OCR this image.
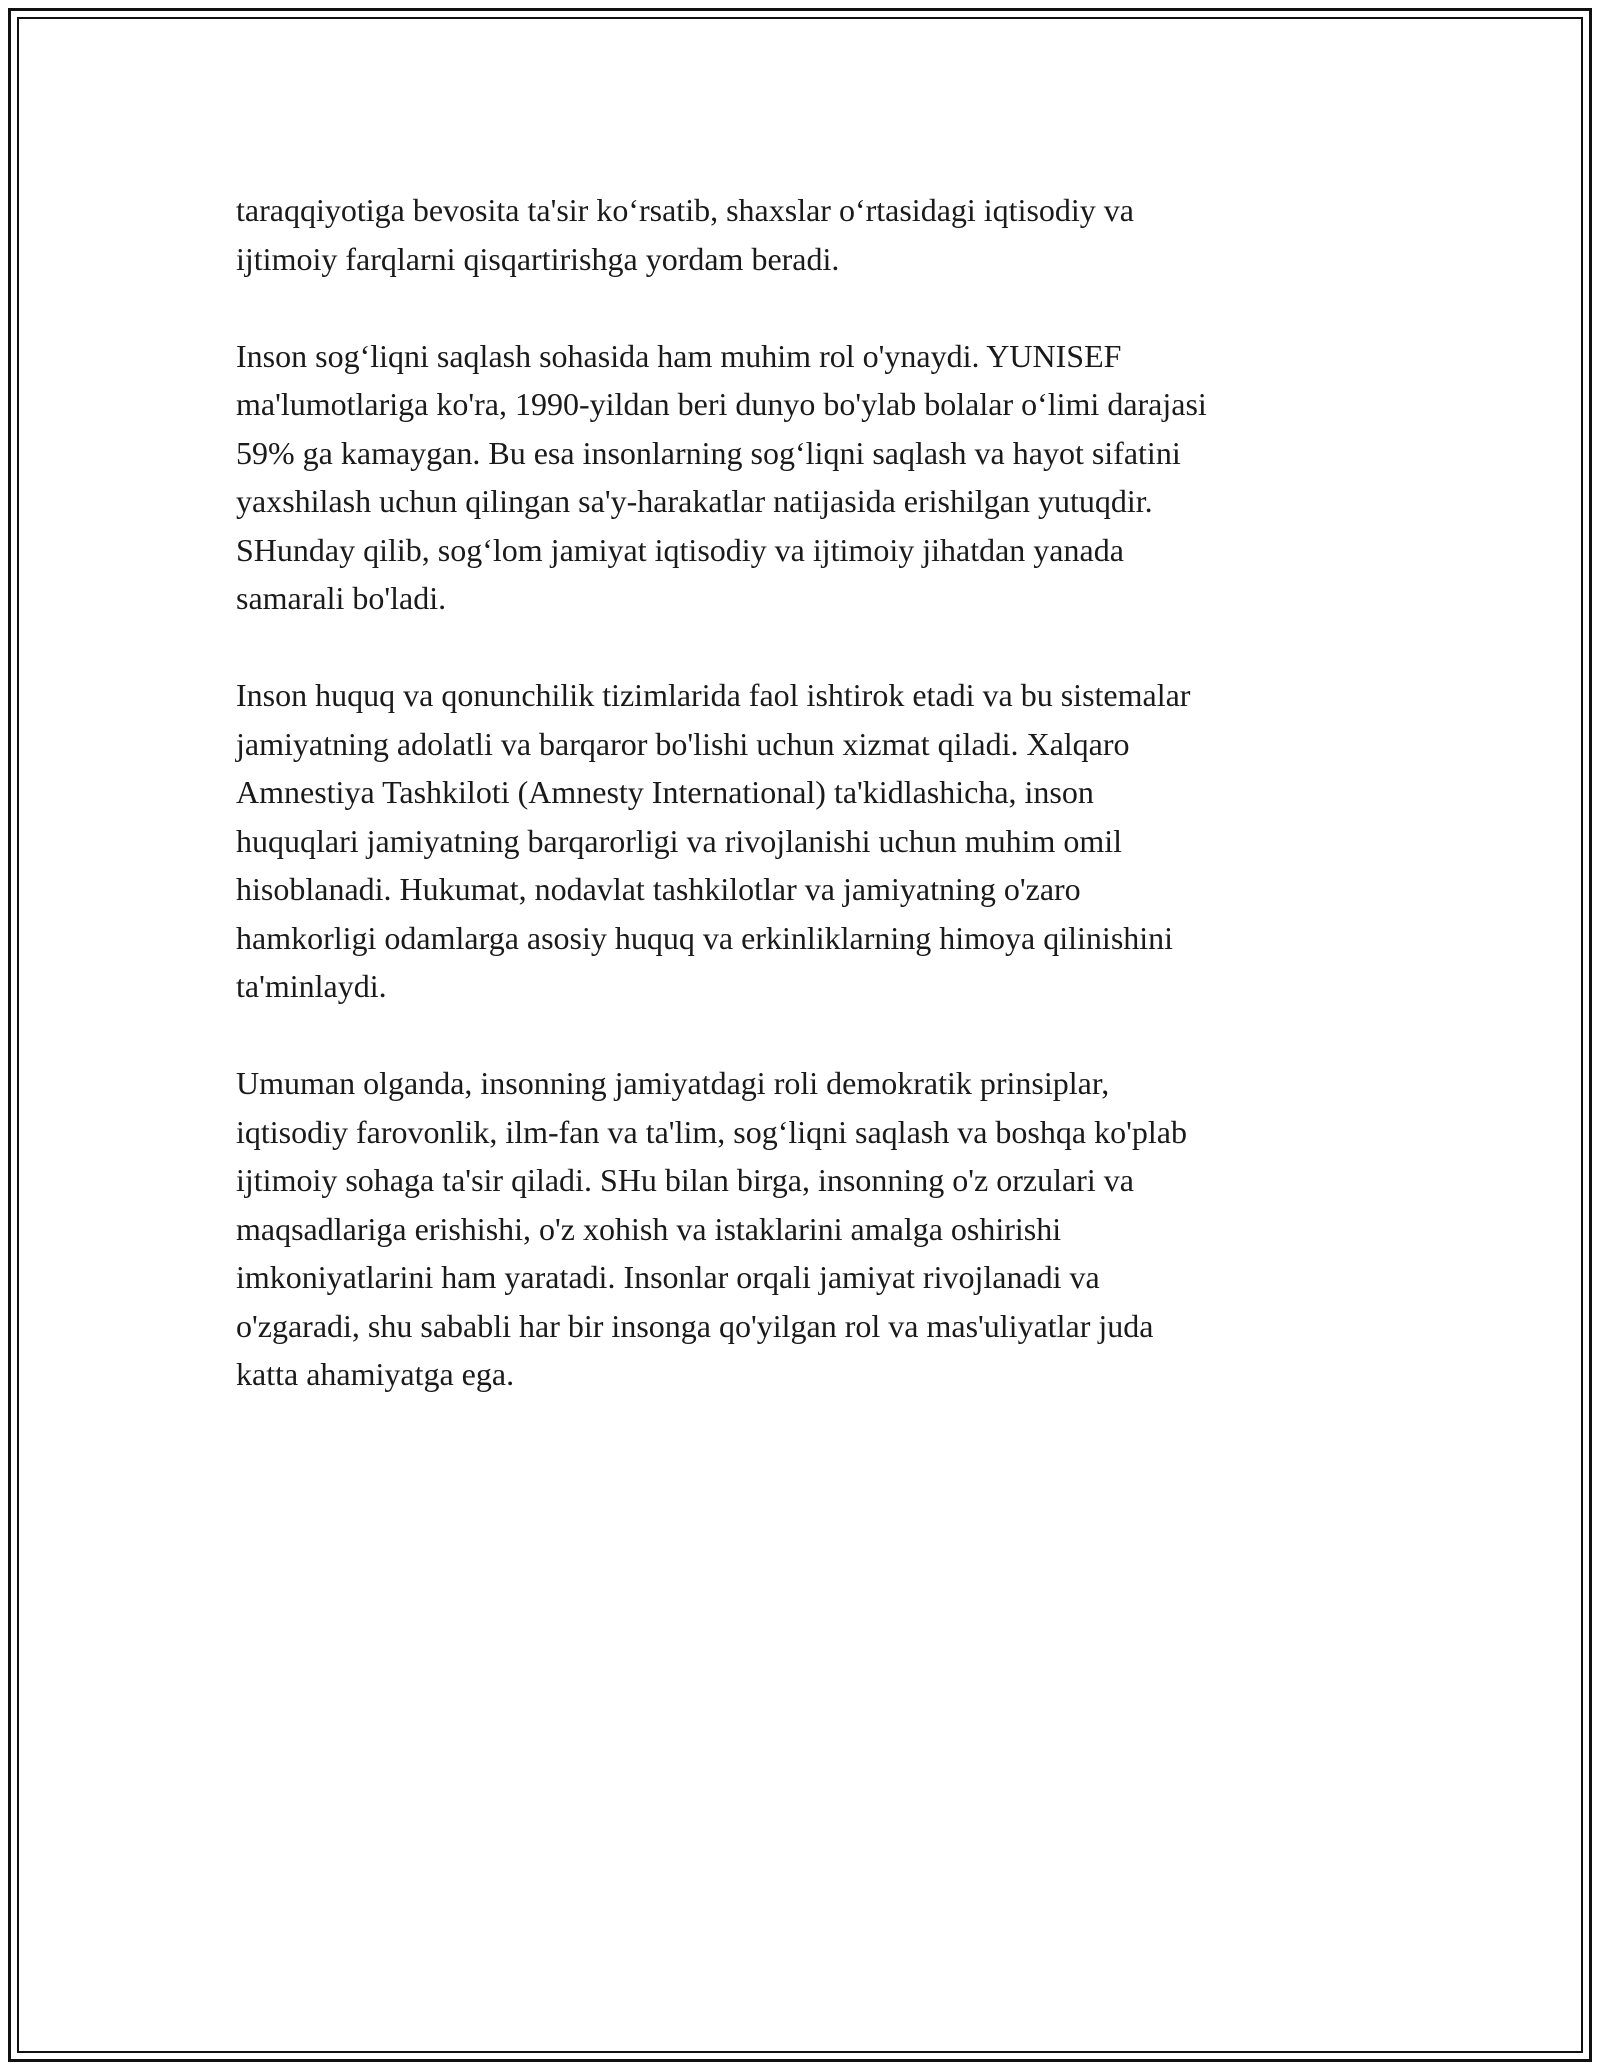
taraqqiyotiga bevosita ta'sir koʻrsatib, shaxslar oʻrtasidagi iqtisodiy va
ijtimoiy farqlarni qisqartirishga yordam beradi.

Inson sogʻliqni saqlash sohasida ham muhim rol o'ynaydi. YUNISEF
ma'lumotlariga ko'ra, 1990-yildan beri dunyo bo'ylab bolalar oʻlimi darajasi
59% ga kamaygan. Bu esa insonlarning sogʻliqni saqlash va hayot sifatini
yaxshilash uchun qilingan sa'y-harakatlar natijasida erishilgan yutuqdir.
SHunday qilib, sogʻlom jamiyat iqtisodiy va ijtimoiy jihatdan yanada
samarali bo'ladi.

Inson huquq va qonunchilik tizimlarida faol ishtirok etadi va bu sistemalar
jamiyatning adolatli va barqaror bo'lishi uchun xizmat qiladi. Xalqaro
Amnestiya Tashkiloti (Amnesty International) ta'kidlashicha, inson
huquqlari jamiyatning barqarorligi va rivojlanishi uchun muhim omil
hisoblanadi. Hukumat, nodavlat tashkilotlar va jamiyatning o'zaro
hamkorligi odamlarga asosiy huquq va erkinliklarning himoya qilinishini
ta'minlaydi.

Umuman olganda, insonning jamiyatdagi roli demokratik prinsiplar,
iqtisodiy farovonlik, ilm-fan va ta'lim, sogʻliqni saqlash va boshqa ko'plab
ijtimoiy sohaga ta'sir qiladi. SHu bilan birga, insonning o'z orzulari va
maqsadlariga erishishi, o'z xohish va istaklarini amalga oshirishi
imkoniyatlarini ham yaratadi. Insonlar orqali jamiyat rivojlanadi va
o'zgaradi, shu sababli har bir insonga qo'yilgan rol va mas'uliyatlar juda
katta ahamiyatga ega.
